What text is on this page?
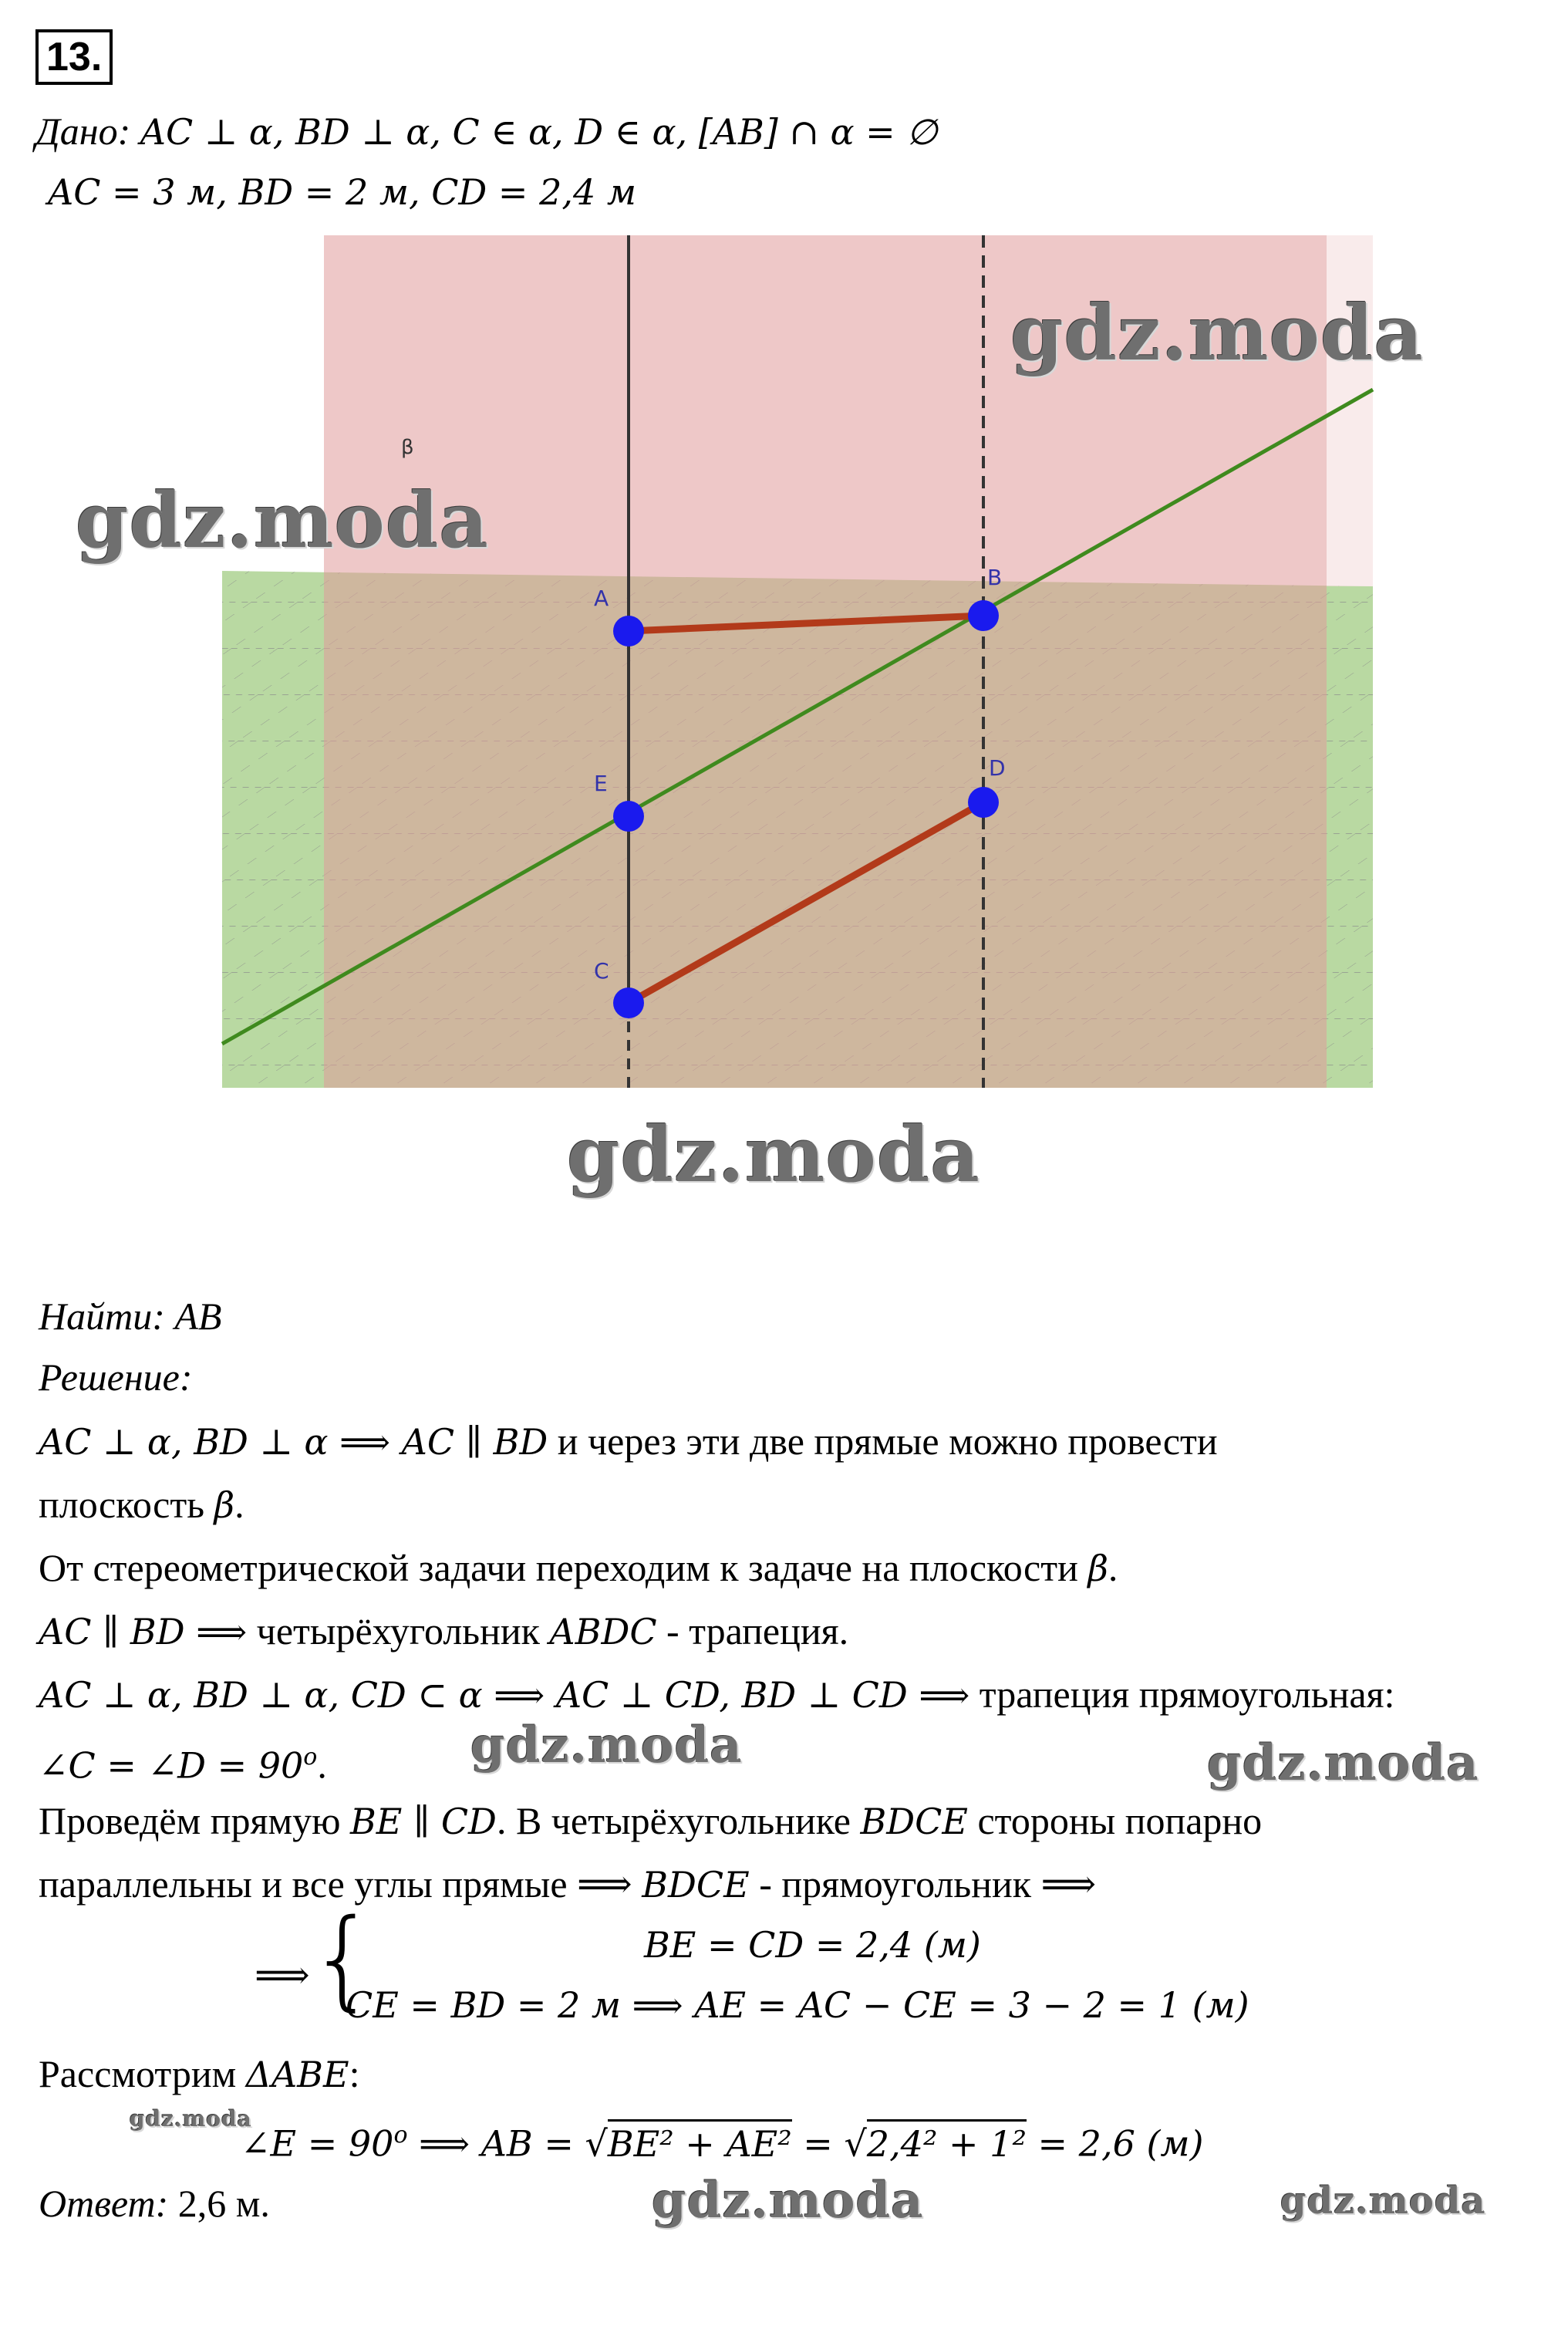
13.
Дано: AC ⊥ α, BD ⊥ α, C ∈ α, D ∈ α, [AB] ∩ α = ∅
AC = 3 м, BD = 2 м, CD = 2,4 м
β
A
B
E
D
C
gdz.moda
gdz.moda
gdz.moda
gdz.moda	gdz.moda
gdz.moda
gdz.moda	gdz.moda
Найти: AB
Решение:
AC ⊥ α, BD ⊥ α ⟹ AC ∥ BD и через эти две прямые можно провести
плоскость β.
От стереометрической задачи переходим к задаче на плоскости β.
AC ∥ BD ⟹ четырёхугольник ABDC - трапеция.
AC ⊥ α, BD ⊥ α, CD ⊂ α ⟹ AC ⊥ CD, BD ⊥ CD ⟹ трапеция прямоугольная:
∠C = ∠D = $90^o$.
Проведём прямую BE ∥ CD. В четырёхугольнике BDCE стороны попарно
параллельны и все углы прямые ⟹ BDCE - прямоугольник ⟹
⟹
{	BE = CD = 2,4 (м)
CE = BD = 2 м ⟹ AE = AC − CE = 3 − 2 = 1 (м)
Рассмотрим ΔABE:
∠E = $90^o$ ⟹ AB = √BE² + AE² = √2,4² + 1² = 2,6 (м)
Ответ: 2,6 м.
